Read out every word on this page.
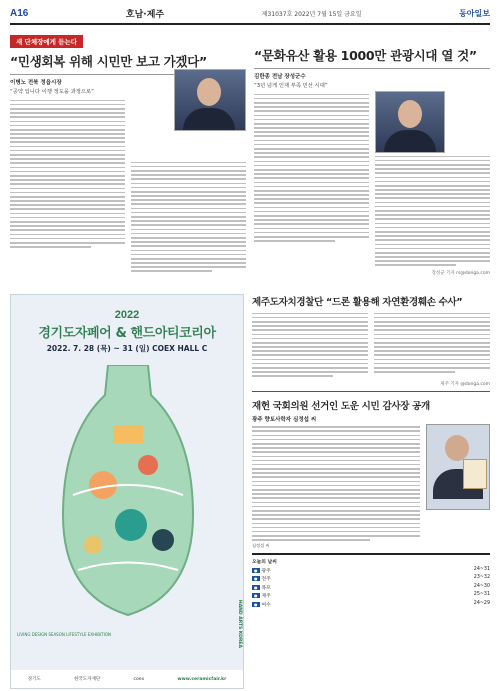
A16	호남·제주	제31037호 2022년 7월 15일 금요일	동아일보
새 단체장에게 듣는다
“민생회복 위해 시민만 보고 가겠다”
이병노 전북 정읍시장
“공약 입니다 이행 정도을 과정으로”
“문화유산 활용 1000만 관광시대 열 것”
김한종 전남 장성군수
“3년 넘게 인재 부족 민선 시대”
장성군 기자 rs@donga.com
2022
경기도자페어 & 핸드아티코리아
2022. 7. 28 (목) ~ 31 (일) COEX HALL C
LIVING DESIGN SEASON LIFESTYLE EXHIBITION	HAND ARTS KOREA
경기도	한국도자재단	coex	www.ceramicfair.kr
제주도자치경찰단 “드론 활용해 자연환경훼손 수사”
제주 기자 @donga.com
재헌 국회의원 선거인 도운 시민 감사장 공개
광주 향토사학자 심정섭 씨
심정섭 씨
오늘의 날씨
● 광주	24~31
● 전주	23~32
● 목포	24~30
● 제주	25~31
● 여수	24~29
